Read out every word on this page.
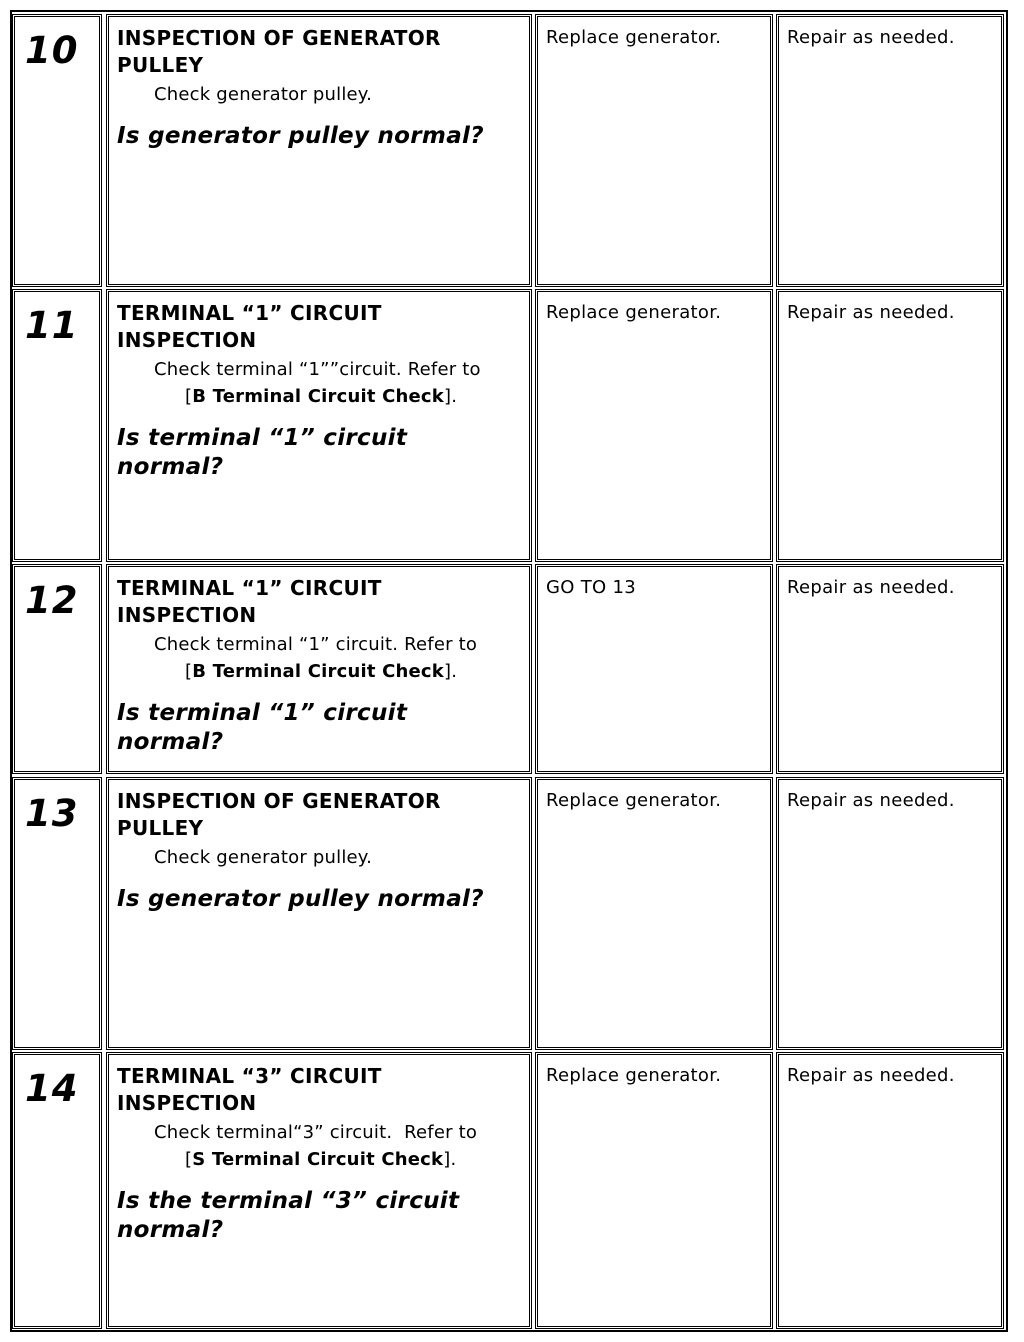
10 INSPECTION OF GENERATOR PULLEY
Check generator pulley.
Is generator pulley normal?
Replace generator.	Repair as needed.
11 TERMINAL “1” CIRCUIT INSPECTION
Check terminal “1””circuit. Refer to
[B Terminal Circuit Check].
Is terminal “1” circuit normal?
Replace generator.	Repair as needed.
12 TERMINAL “1” CIRCUIT INSPECTION
Check terminal “1” circuit. Refer to
[B Terminal Circuit Check].
Is terminal “1” circuit normal?
GO TO 13	Repair as needed.
13 INSPECTION OF GENERATOR PULLEY
Check generator pulley.
Is generator pulley normal?
Replace generator.	Repair as needed.
14 TERMINAL “3” CIRCUIT INSPECTION
Check terminal“3” circuit.  Refer to
[S Terminal Circuit Check].
Is the terminal “3” circuit normal?
Replace generator.	Repair as needed.
